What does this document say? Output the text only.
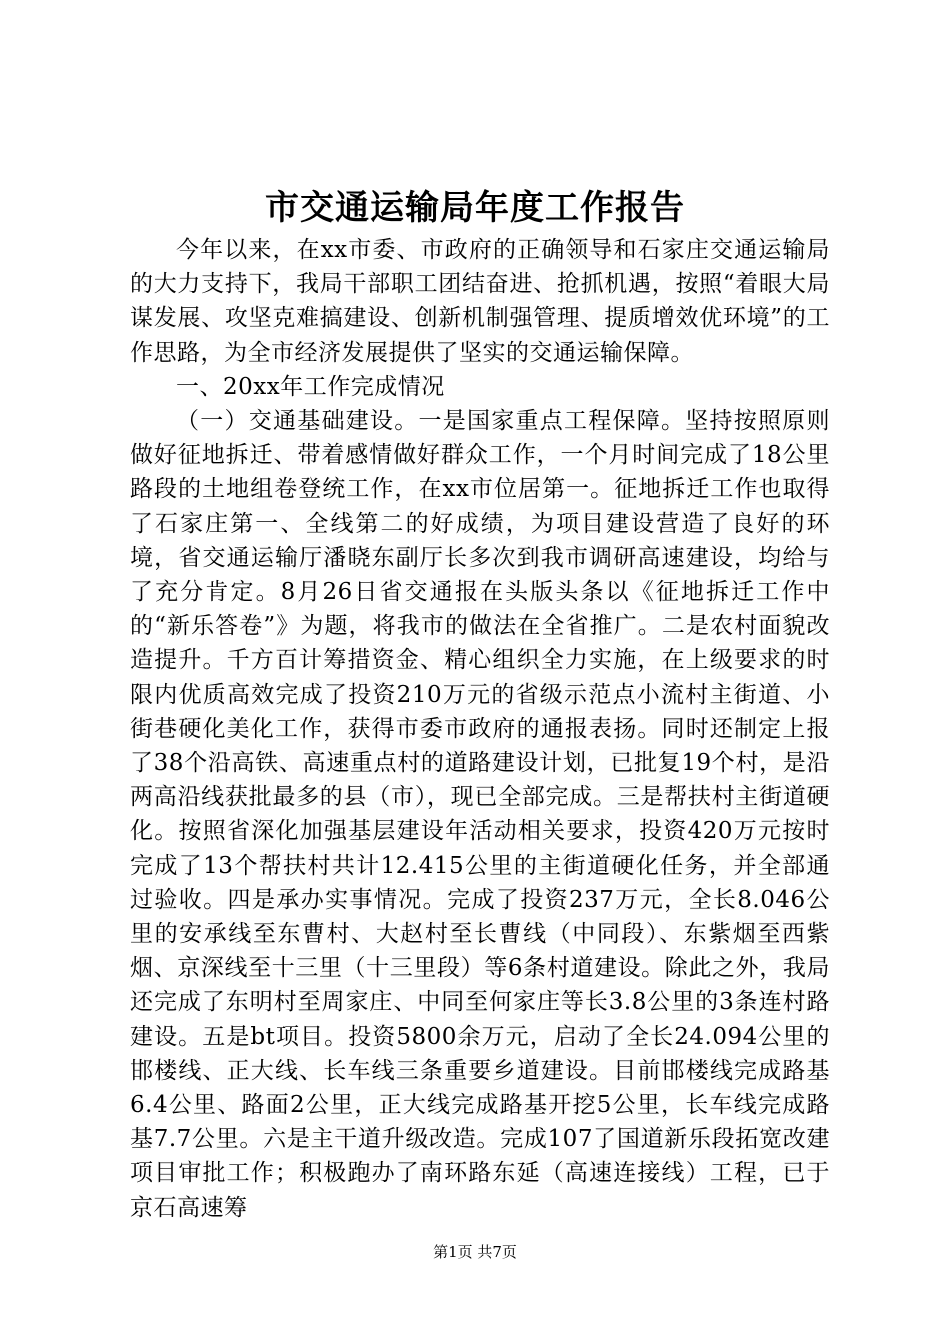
市交通运输局年度工作报告

今年以来，在xx市委、市政府的正确领导和石家庄交通运输局的大力支持下，我局干部职工团结奋进、抢抓机遇，按照“着眼大局谋发展、攻坚克难搞建设、创新机制强管理、提质增效优环境”的工作思路，为全市经济发展提供了坚实的交通运输保障。

一、20xx年工作完成情况

（一）交通基础建设。一是国家重点工程保障。坚持按照原则做好征地拆迁、带着感情做好群众工作，一个月时间完成了18公里路段的土地组卷登统工作，在xx市位居第一。征地拆迁工作也取得了石家庄第一、全线第二的好成绩，为项目建设营造了良好的环境，省交通运输厅潘晓东副厅长多次到我市调研高速建设，均给与了充分肯定。8月26日省交通报在头版头条以《征地拆迁工作中的“新乐答卷”》为题，将我市的做法在全省推广。二是农村面貌改造提升。千方百计筹措资金、精心组织全力实施，在上级要求的时限内优质高效完成了投资210万元的省级示范点小流村主街道、小街巷硬化美化工作，获得市委市政府的通报表扬。同时还制定上报了38个沿高铁、高速重点村的道路建设计划，已批复19个村，是沿两高沿线获批最多的县（市），现已全部完成。三是帮扶村主街道硬化。按照省深化加强基层建设年活动相关要求，投资420万元按时完成了13个帮扶村共计12.415公里的主街道硬化任务，并全部通过验收。四是承办实事情况。完成了投资237万元，全长8.046公里的安承线至东曹村、大赵村至长曹线（中同段）、东紫烟至西紫烟、京深线至十三里（十三里段）等6条村道建设。除此之外，我局还完成了东明村至周家庄、中同至何家庄等长3.8公里的3条连村路建设。五是bt项目。投资5800余万元，启动了全长24.094公里的邯楼线、正大线、长车线三条重要乡道建设。目前邯楼线完成路基6.4公里、路面2公里，正大线完成路基开挖5公里，长车线完成路基7.7公里。六是主干道升级改造。完成107了国道新乐段拓宽改建项目审批工作；积极跑办了南环路东延（高速连接线）工程，已于京石高速筹

第1页 共7页
